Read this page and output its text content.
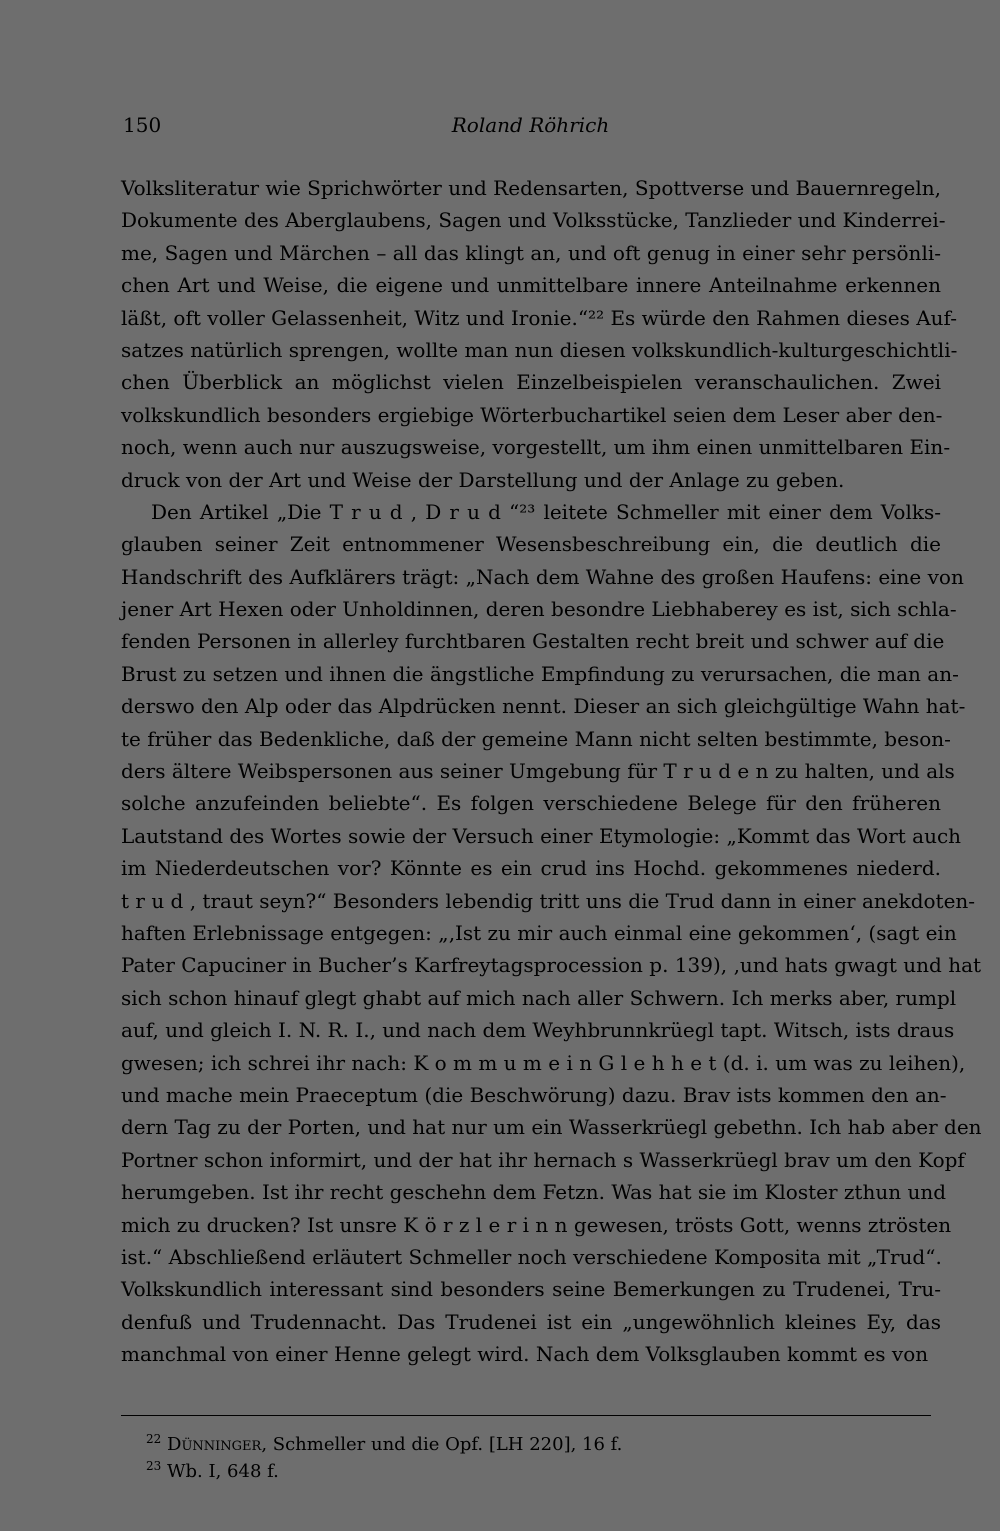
150	Roland Röhrich
Volksliteratur wie Sprichwörter und Redensarten, Spottverse und Bauernregeln,
Dokumente des Aberglaubens, Sagen und Volksstücke, Tanzlieder und Kinderrei-
me, Sagen und Märchen – all das klingt an, und oft genug in einer sehr persönli-
chen Art und Weise, die eigene und unmittelbare innere Anteilnahme erkennen
läßt, oft voller Gelassenheit, Witz und Ironie.“²² Es würde den Rahmen dieses Auf-
satzes natürlich sprengen, wollte man nun diesen volkskundlich-kulturgeschichtli-
chen Überblick an möglichst vielen Einzelbeispielen veranschaulichen. Zwei
volkskundlich besonders ergiebige Wörterbuchartikel seien dem Leser aber den-
noch, wenn auch nur auszugsweise, vorgestellt, um ihm einen unmittelbaren Ein-
druck von der Art und Weise der Darstellung und der Anlage zu geben.
Den Artikel „Die T r u d , D r u d “²³ leitete Schmeller mit einer dem Volks-
glauben seiner Zeit entnommener Wesensbeschreibung ein, die deutlich die
Handschrift des Aufklärers trägt: „Nach dem Wahne des großen Haufens: eine von
jener Art Hexen oder Unholdinnen, deren besondre Liebhaberey es ist, sich schla-
fenden Personen in allerley furchtbaren Gestalten recht breit und schwer auf die
Brust zu setzen und ihnen die ängstliche Empfindung zu verursachen, die man an-
derswo den Alp oder das Alpdrücken nennt. Dieser an sich gleichgültige Wahn hat-
te früher das Bedenkliche, daß der gemeine Mann nicht selten bestimmte, beson-
ders ältere Weibspersonen aus seiner Umgebung für T r u d e n zu halten, und als
solche anzufeinden beliebte“. Es folgen verschiedene Belege für den früheren
Lautstand des Wortes sowie der Versuch einer Etymologie: „Kommt das Wort auch
im Niederdeutschen vor? Könnte es ein crud ins Hochd. gekommenes niederd.
t r u d , traut seyn?“ Besonders lebendig tritt uns die Trud dann in einer anekdoten-
haften Erlebnissage entgegen: „‚Ist zu mir auch einmal eine gekommen‘, (sagt ein
Pater Capuciner in Bucher’s Karfreytagsprocession p. 139), ‚und hats gwagt und hat
sich schon hinauf glegt ghabt auf mich nach aller Schwern. Ich merks aber, rumpl
auf, und gleich I. N. R. I., und nach dem Weyhbrunnkrüegl tapt. Witsch, ists draus
gwesen; ich schrei ihr nach: K o m m u m e i n G l e h h e t (d. i. um was zu leihen),
und mache mein Praeceptum (die Beschwörung) dazu. Brav ists kommen den an-
dern Tag zu der Porten, und hat nur um ein Wasserkrüegl gebethn. Ich hab aber den
Portner schon informirt, und der hat ihr hernach s Wasserkrüegl brav um den Kopf
herumgeben. Ist ihr recht geschehn dem Fetzn. Was hat sie im Kloster zthun und
mich zu drucken? Ist unsre K ö r z l e r i n n gewesen, trösts Gott, wenns ztrösten
ist.“ Abschließend erläutert Schmeller noch verschiedene Komposita mit „Trud“.
Volkskundlich interessant sind besonders seine Bemerkungen zu Trudenei, Tru-
denfuß und Trudennacht. Das Trudenei ist ein „ungewöhnlich kleines Ey, das
manchmal von einer Henne gelegt wird. Nach dem Volksglauben kommt es von
$^{22}$ Dünninger, Schmeller und die Opf. [LH 220], 16 f.
$^{23}$ Wb. I, 648 f.
